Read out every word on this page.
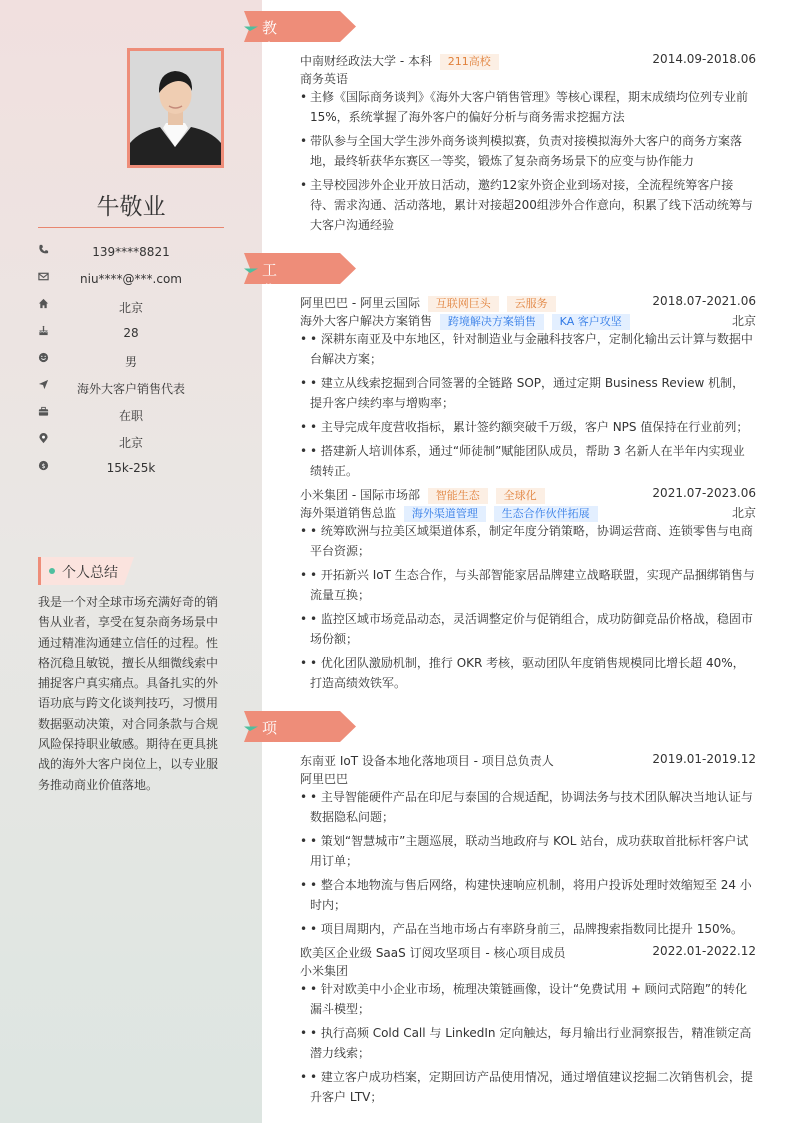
牛敬业
139****8821
niu****@***.com
北京
28
男
海外大客户销售代表
在职
北京
$	15k-25k
个人总结
我是一个对全球市场充满好奇的销售从业者，享受在复杂商务场景中通过精准沟通建立信任的过程。性格沉稳且敏锐，擅长从细微线索中捕捉客户真实痛点。具备扎实的外语功底与跨文化谈判技巧，习惯用数据驱动决策，对合同条款与合规风险保持职业敏感。期待在更具挑战的海外大客户岗位上，以专业服务推动商业价值落地。
教育经历
中南财经政法大学 - 本科 211高校	2014.09-2018.06
商务英语
• 主修《国际商务谈判》《海外大客户销售管理》等核心课程，期末成绩均位列专业前15%，系统掌握了海外客户的偏好分析与商务需求挖掘方法
• 带队参与全国大学生涉外商务谈判模拟赛，负责对接模拟海外大客户的商务方案落地，最终斩获华东赛区一等奖，锻炼了复杂商务场景下的应变与协作能力
• 主导校园涉外企业开放日活动，邀约12家外资企业到场对接，全流程统筹客户接待、需求沟通、活动落地，累计对接超200组涉外合作意向，积累了线下活动统筹与大客户沟通经验
工作经历
阿里巴巴 - 阿里云国际 互联网巨头 云服务	2018.07-2021.06
海外大客户解决方案销售 跨境解决方案销售 KA 客户攻坚	北京
• • 深耕东南亚及中东地区，针对制造业与金融科技客户，定制化输出云计算与数据中台解决方案；
• • 建立从线索挖掘到合同签署的全链路 SOP，通过定期 Business Review 机制，提升客户续约率与增购率；
• • 主导完成年度营收指标，累计签约额突破千万级，客户 NPS 值保持在行业前列；
• • 搭建新人培训体系，通过“师徒制”赋能团队成员，帮助 3 名新人在半年内实现业绩转正。
小米集团 - 国际市场部 智能生态 全球化	2021.07-2023.06
海外渠道销售总监 海外渠道管理 生态合作伙伴拓展	北京
• • 统筹欧洲与拉美区域渠道体系，制定年度分销策略，协调运营商、连锁零售与电商平台资源；
• • 开拓新兴 IoT 生态合作，与头部智能家居品牌建立战略联盟，实现产品捆绑销售与流量互换；
• • 监控区域市场竞品动态，灵活调整定价与促销组合，成功防御竞品价格战，稳固市场份额；
• • 优化团队激励机制，推行 OKR 考核，驱动团队年度销售规模同比增长超 40%，打造高绩效铁军。
项目经历
东南亚 IoT 设备本地化落地项目 - 项目总负责人	2019.01-2019.12
阿里巴巴
• • 主导智能硬件产品在印尼与泰国的合规适配，协调法务与技术团队解决当地认证与数据隐私问题；
• • 策划“智慧城市”主题巡展，联动当地政府与 KOL 站台，成功获取首批标杆客户试用订单；
• • 整合本地物流与售后网络，构建快速响应机制，将用户投诉处理时效缩短至 24 小时内；
• • 项目周期内，产品在当地市场占有率跻身前三，品牌搜索指数同比提升 150%。
欧美区企业级 SaaS 订阅攻坚项目 - 核心项目成员	2022.01-2022.12
小米集团
• • 针对欧美中小企业市场，梳理决策链画像，设计“免费试用 + 顾问式陪跑”的转化漏斗模型；
• • 执行高频 Cold Call 与 LinkedIn 定向触达，每月输出行业洞察报告，精准锁定高潜力线索；
• • 建立客户成功档案，定期回访产品使用情况，通过增值建议挖掘二次销售机会，提升客户 LTV；
